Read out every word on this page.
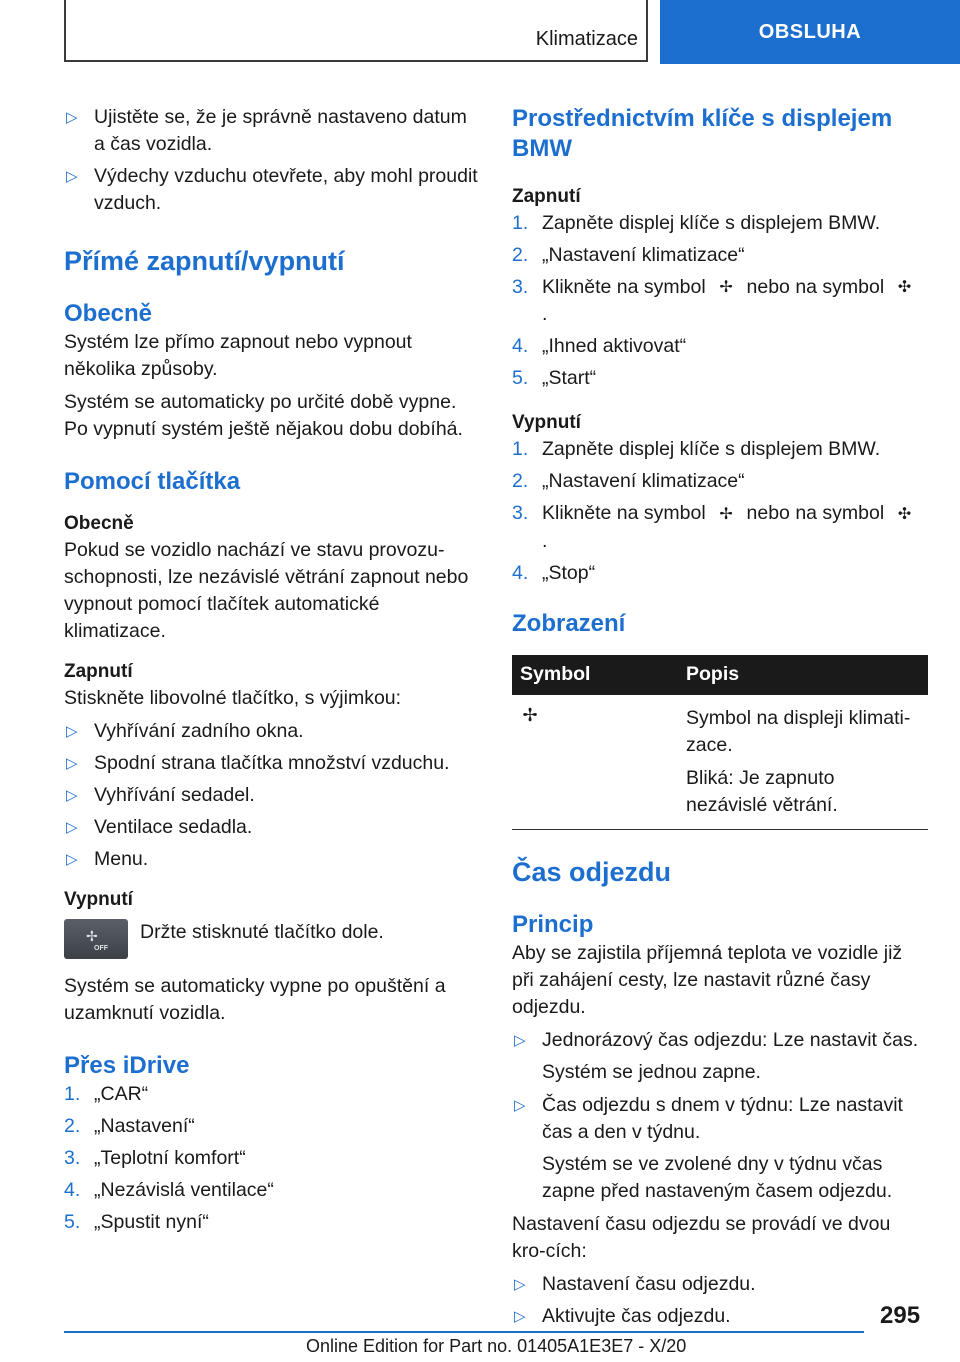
Klimatizace	OBSLUHA

▷ Ujistěte se, že je správně nastaveno datum a čas vozidla.

▷ Výdechy vzduchu otevřete, aby mohl proudit vzduch.

Přímé zapnutí/vypnutí
Obecně

Systém lze přímo zapnout nebo vypnout několika způsoby.

Systém se automaticky po určité době vypne. Po vypnutí systém ještě nějakou dobu dobíhá.

Pomocí tlačítka
Obecně

Pokud se vozidlo nachází ve stavu provozu-schopnosti, lze nezávislé větrání zapnout nebo vypnout pomocí tlačítek automatické klimatizace.

Zapnutí

Stiskněte libovolné tlačítko, s výjimkou:

▷ Vyhřívání zadního okna.

▷ Spodní strana tlačítka množství vzduchu.

▷ Vyhřívání sedadel.

▷ Ventilace sedadla.

▷ Menu.

Vypnutí
✢
OFF

Držte stisknuté tlačítko dole.

Systém se automaticky vypne po opuštění a uzamknutí vozidla.

Přes iDrive

1. „CAR“

2. „Nastavení“

3. „Teplotní komfort“

4. „Nezávislá ventilace“

5. „Spustit nyní“

Prostřednictvím klíče s displejem BMW
Zapnutí

1. Zapněte displej klíče s displejem BMW.

2. „Nastavení klimatizace“

3. Klikněte na symbol ✢ nebo na symbol ✣ .

4. „Ihned aktivovat“

5. „Start“

Vypnutí

1. Zapněte displej klíče s displejem BMW.

2. „Nastavení klimatizace“

3. Klikněte na symbol ✢ nebo na symbol ✣ .

4. „Stop“

Zobrazení
Symbol	Popis
✢	Symbol na displeji klimati-zace.

Bliká: Je zapnuto nezávislé větrání.

Čas odjezdu
Princip

Aby se zajistila příjemná teplota ve vozidle již při zahájení cesty, lze nastavit různé časy odjezdu.

▷ Jednorázový čas odjezdu: Lze nastavit čas.

Systém se jednou zapne.

▷ Čas odjezdu s dnem v týdnu: Lze nastavit čas a den v týdnu.

Systém se ve zvolené dny v týdnu včas zapne před nastaveným časem odjezdu.

Nastavení času odjezdu se provádí ve dvou kro-cích:

▷ Nastavení času odjezdu.

▷ Aktivujte čas odjezdu.	295
Online Edition for Part no. 01405A1E3E7 - X/20
